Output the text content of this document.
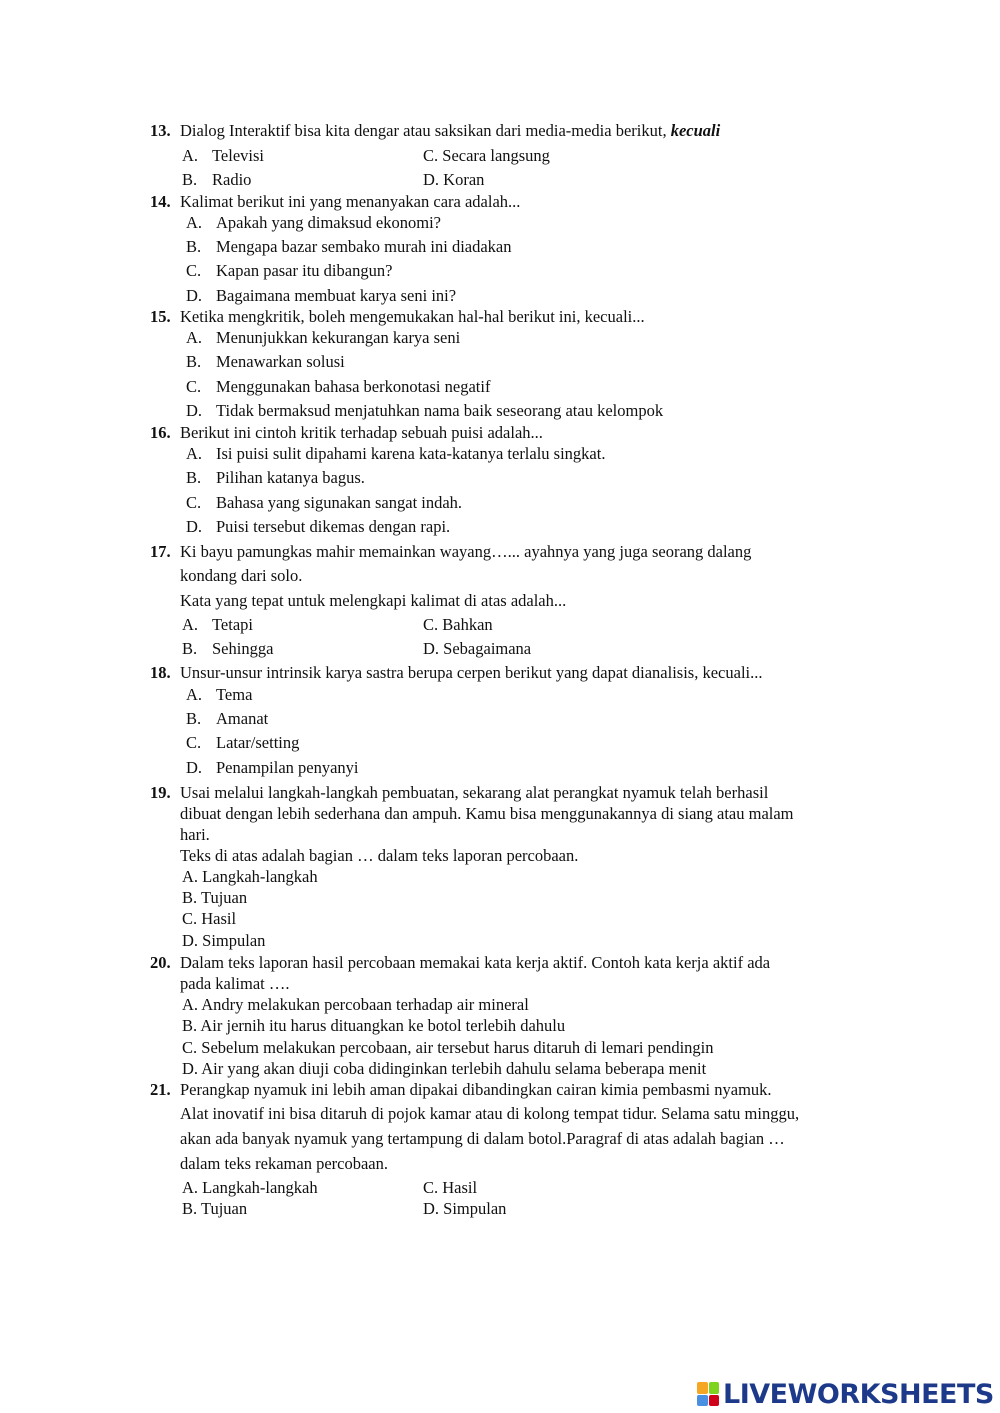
13. Dialog Interaktif bisa kita dengar atau saksikan dari media-media berikut, kecuali
A. Televisi	C. Secara langsung
B. Radio	D. Koran
14. Kalimat berikut ini yang menanyakan cara adalah...
A. Apakah yang dimaksud ekonomi?
B. Mengapa bazar sembako murah ini diadakan
C. Kapan pasar itu dibangun?
D. Bagaimana membuat karya seni ini?
15. Ketika mengkritik, boleh mengemukakan hal-hal berikut ini, kecuali...
A. Menunjukkan kekurangan karya seni
B. Menawarkan solusi
C. Menggunakan bahasa berkonotasi negatif
D. Tidak bermaksud menjatuhkan nama baik seseorang atau kelompok
16. Berikut ini cintoh kritik terhadap sebuah puisi adalah...
A. Isi puisi sulit dipahami karena kata-katanya terlalu singkat.
B. Pilihan katanya bagus.
C. Bahasa yang sigunakan sangat indah.
D. Puisi tersebut dikemas dengan rapi.
17. Ki bayu pamungkas mahir memainkan wayang…... ayahnya yang juga seorang dalang
kondang dari solo.
Kata yang tepat untuk melengkapi kalimat di atas adalah...
A. Tetapi	C. Bahkan
B. Sehingga	D. Sebagaimana
18. Unsur-unsur intrinsik karya sastra berupa cerpen berikut yang dapat dianalisis, kecuali...
A. Tema
B. Amanat
C. Latar/setting
D. Penampilan penyanyi
19. Usai melalui langkah-langkah pembuatan, sekarang alat perangkat nyamuk telah berhasil
dibuat dengan lebih sederhana dan ampuh. Kamu bisa menggunakannya di siang atau malam
hari.
Teks di atas adalah bagian … dalam teks laporan percobaan.
A. Langkah-langkah
B. Tujuan
C. Hasil
D. Simpulan
20. Dalam teks laporan hasil percobaan memakai kata kerja aktif. Contoh kata kerja aktif ada
pada kalimat ….
A. Andry melakukan percobaan terhadap air mineral
B. Air jernih itu harus dituangkan ke botol terlebih dahulu
C. Sebelum melakukan percobaan, air tersebut harus ditaruh di lemari pendingin
D. Air yang akan diuji coba didinginkan terlebih dahulu selama beberapa menit
21. Perangkap nyamuk ini lebih aman dipakai dibandingkan cairan kimia pembasmi nyamuk.
Alat inovatif ini bisa ditaruh di pojok kamar atau di kolong tempat tidur. Selama satu minggu,
akan ada banyak nyamuk yang tertampung di dalam botol.Paragraf di atas adalah bagian …
dalam teks rekaman percobaan.
A. Langkah-langkah	C. Hasil
B. Tujuan	D. Simpulan
LIVEWORKSHEETS
